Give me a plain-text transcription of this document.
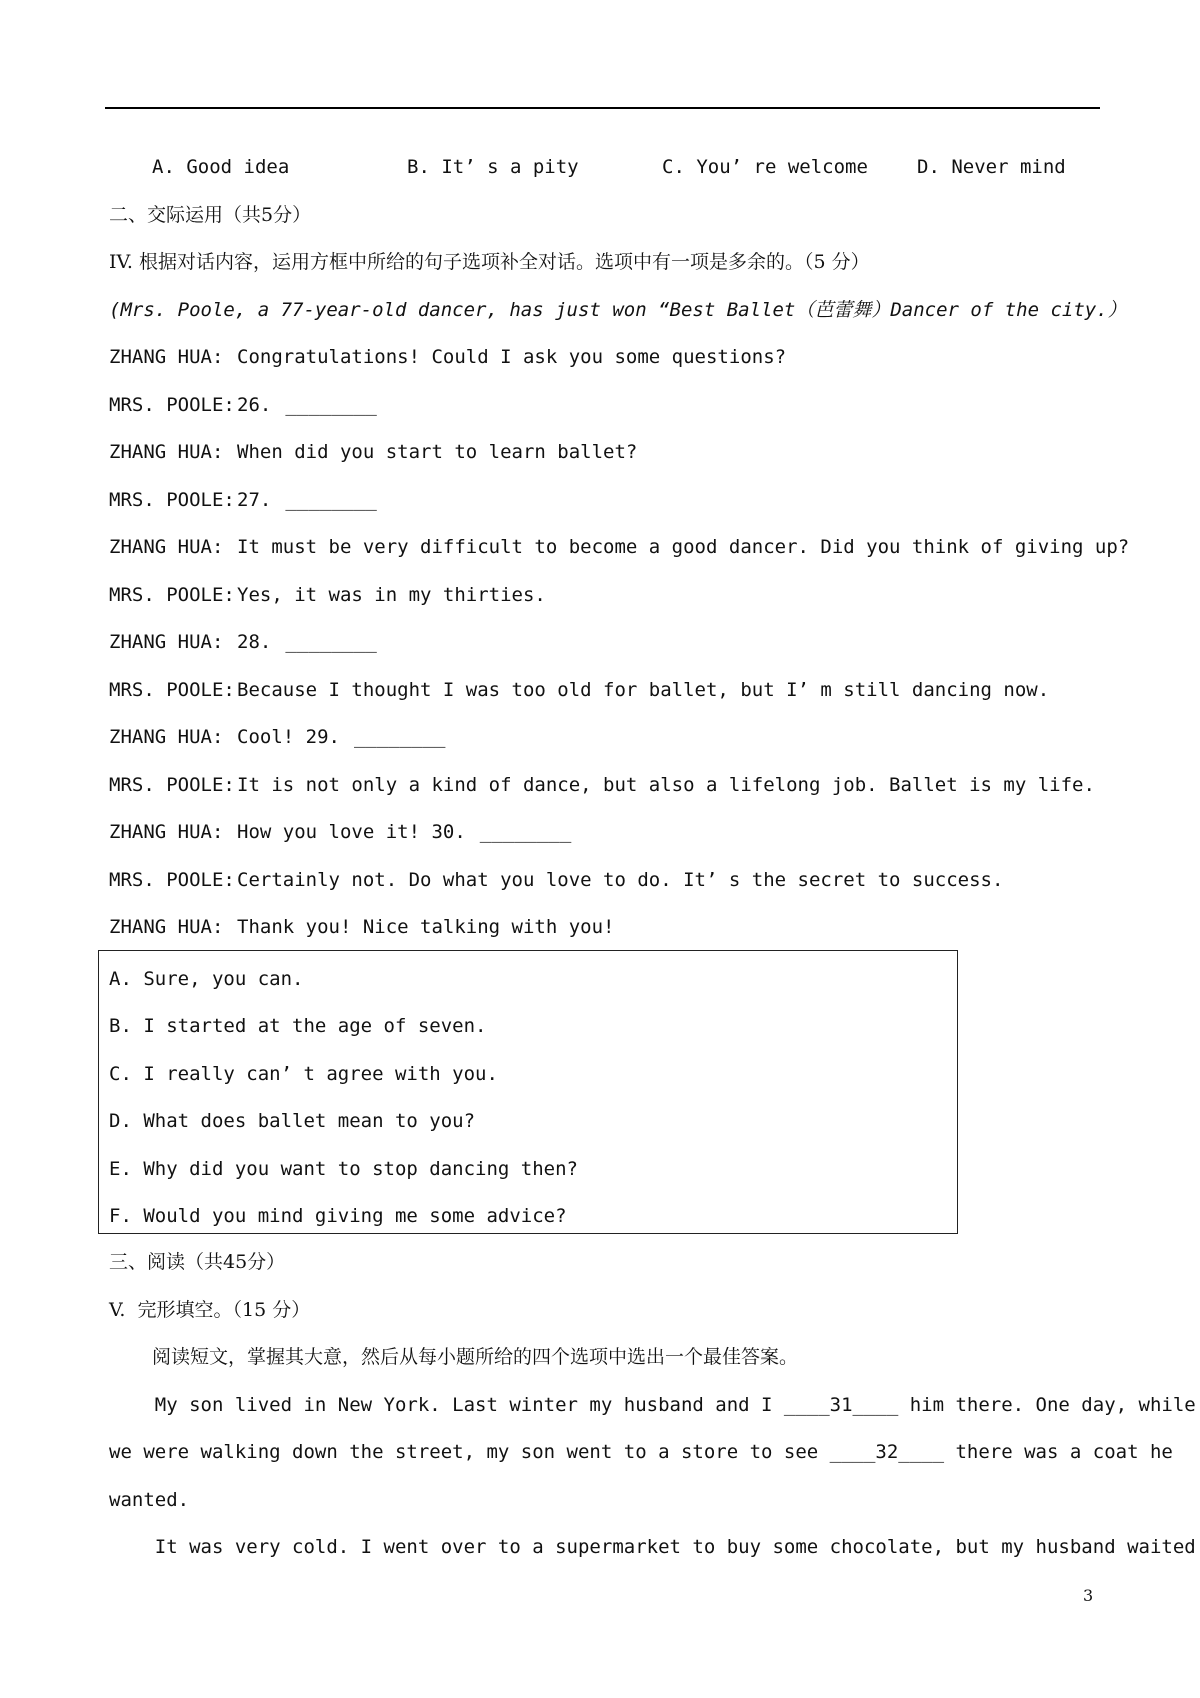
A. Good idea	B. It’ s a pity	C. You’ re welcome	D. Never mind
二、交际运用（共5分）
IV. 根据对话内容，运用方框中所给的句子选项补全对话。选项中有一项是多余的。（5 分）
(Mrs. Poole, a 77-year-old dancer, has just won “Best Ballet（芭蕾舞）Dancer of the city.）
ZHANG HUA: Congratulations! Could I ask you some questions?
MRS. POOLE: 26. ________
ZHANG HUA: When did you start to learn ballet?
MRS. POOLE: 27. ________
ZHANG HUA: It must be very difficult to become a good dancer. Did you think of giving up?
MRS. POOLE: Yes, it was in my thirties.
ZHANG HUA: 28. ________
MRS. POOLE: Because I thought I was too old for ballet, but I’ m still dancing now.
ZHANG HUA: Cool! 29. ________
MRS. POOLE: It is not only a kind of dance, but also a lifelong job. Ballet is my life.
ZHANG HUA: How you love it! 30. ________
MRS. POOLE: Certainly not. Do what you love to do. It’ s the secret to success.
ZHANG HUA: Thank you! Nice talking with you!
A. Sure, you can.
B. I started at the age of seven.
C. I really can’ t agree with you.
D. What does ballet mean to you?
E. Why did you want to stop dancing then?
F. Would you mind giving me some advice?
三、阅读（共45分）
V.  完形填空。（15 分）
阅读短文，掌握其大意，然后从每小题所给的四个选项中选出一个最佳答案。
My son lived in New York. Last winter my husband and I ____31____ him there. One day, while
we were walking down the street, my son went to a store to see ____32____ there was a coat he
wanted.
It was very cold. I went over to a supermarket to buy some chocolate, but my husband waited
3
